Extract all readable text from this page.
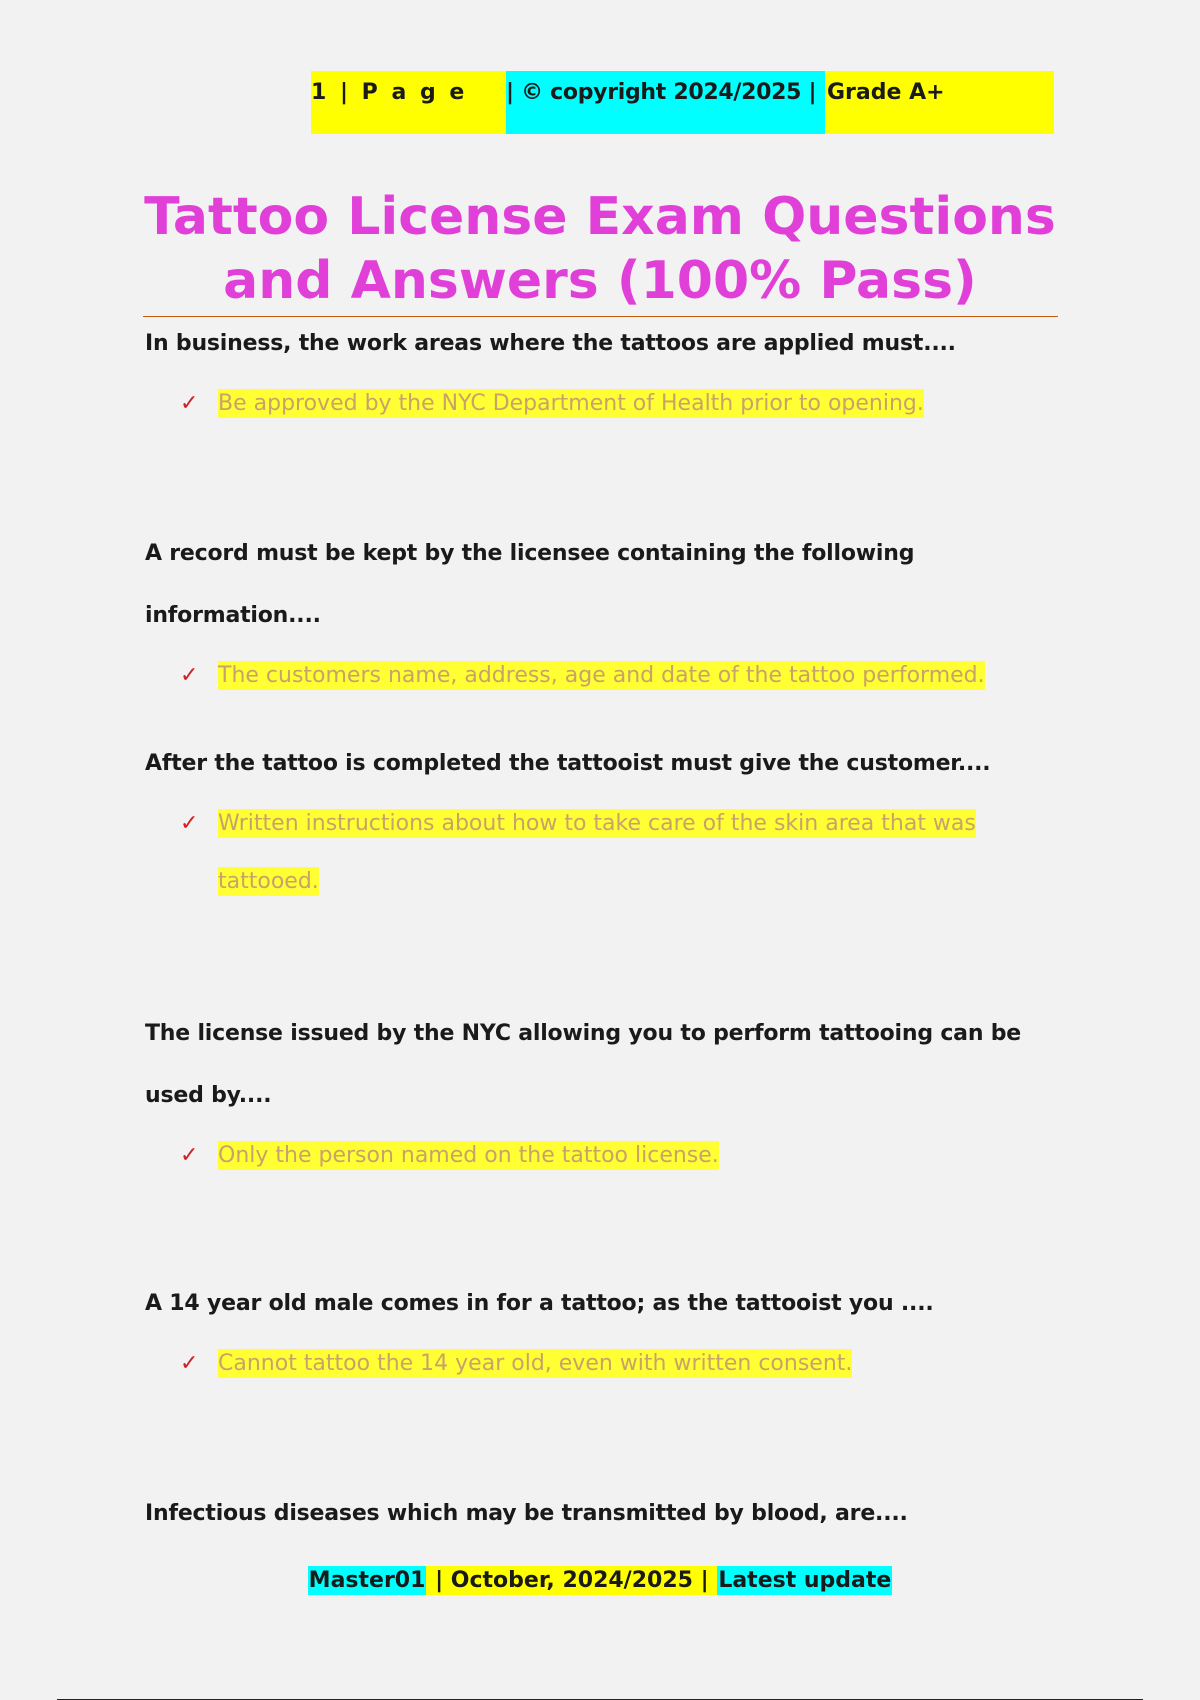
1 | P a g e	| © copyright 2024/2025 | Grade A+
Tattoo License Exam Questions and Answers (100% Pass)

In business, the work areas where the tattoos are applied must....

✓ Be approved by the NYC Department of Health prior to opening.

A record must be kept by the licensee containing the following information....

✓ The customers name, address, age and date of the tattoo performed.

After the tattoo is completed the tattooist must give the customer....

✓ Written instructions about how to take care of the skin area that was tattooed.

The license issued by the NYC allowing you to perform tattooing can be used by....

✓ Only the person named on the tattoo license.

A 14 year old male comes in for a tattoo; as the tattooist you ....

✓ Cannot tattoo the 14 year old, even with written consent.

Infectious diseases which may be transmitted by blood, are....

Master01 | October, 2024/2025 | Latest update
